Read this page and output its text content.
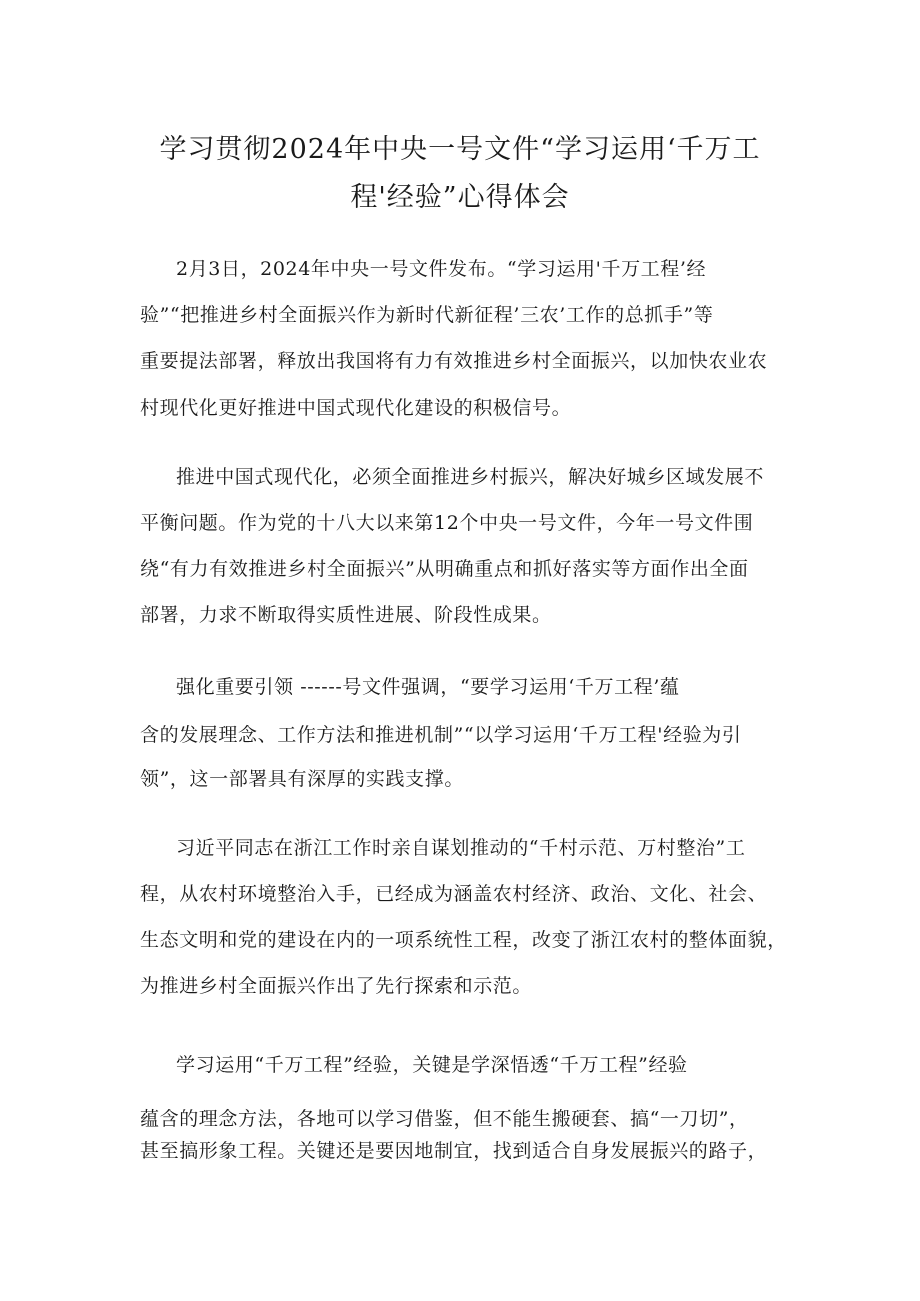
学习贯彻2024年中央一号文件“学习运用‘千万工
程'经验”心得体会
2月3日，2024年中央一号文件发布。“学习运用'千万工程’经
验”“把推进乡村全面振兴作为新时代新征程’三农’工作的总抓手”等
重要提法部署，释放出我国将有力有效推进乡村全面振兴，以加快农业农
村现代化更好推进中国式现代化建设的积极信号。
推进中国式现代化，必须全面推进乡村振兴，解决好城乡区域发展不
平衡问题。作为党的十八大以来第12个中央一号文件，今年一号文件围
绕“有力有效推进乡村全面振兴”从明确重点和抓好落实等方面作出全面
部署，力求不断取得实质性进展、阶段性成果。
强化重要引领 ------号文件强调，“要学习运用‘千万工程’蕴
含的发展理念、工作方法和推进机制”“以学习运用‘千万工程'经验为引
领”，这一部署具有深厚的实践支撑。
习近平同志在浙江工作时亲自谋划推动的“千村示范、万村整治”工
程，从农村环境整治入手，已经成为涵盖农村经济、政治、文化、社会、
生态文明和党的建设在内的一项系统性工程，改变了浙江农村的整体面貌，
为推进乡村全面振兴作出了先行探索和示范。
学习运用“千万工程”经验，关键是学深悟透“千万工程”经验
蕴含的理念方法，各地可以学习借鉴，但不能生搬硬套、搞“一刀切”，
甚至搞形象工程。关键还是要因地制宜，找到适合自身发展振兴的路子，
